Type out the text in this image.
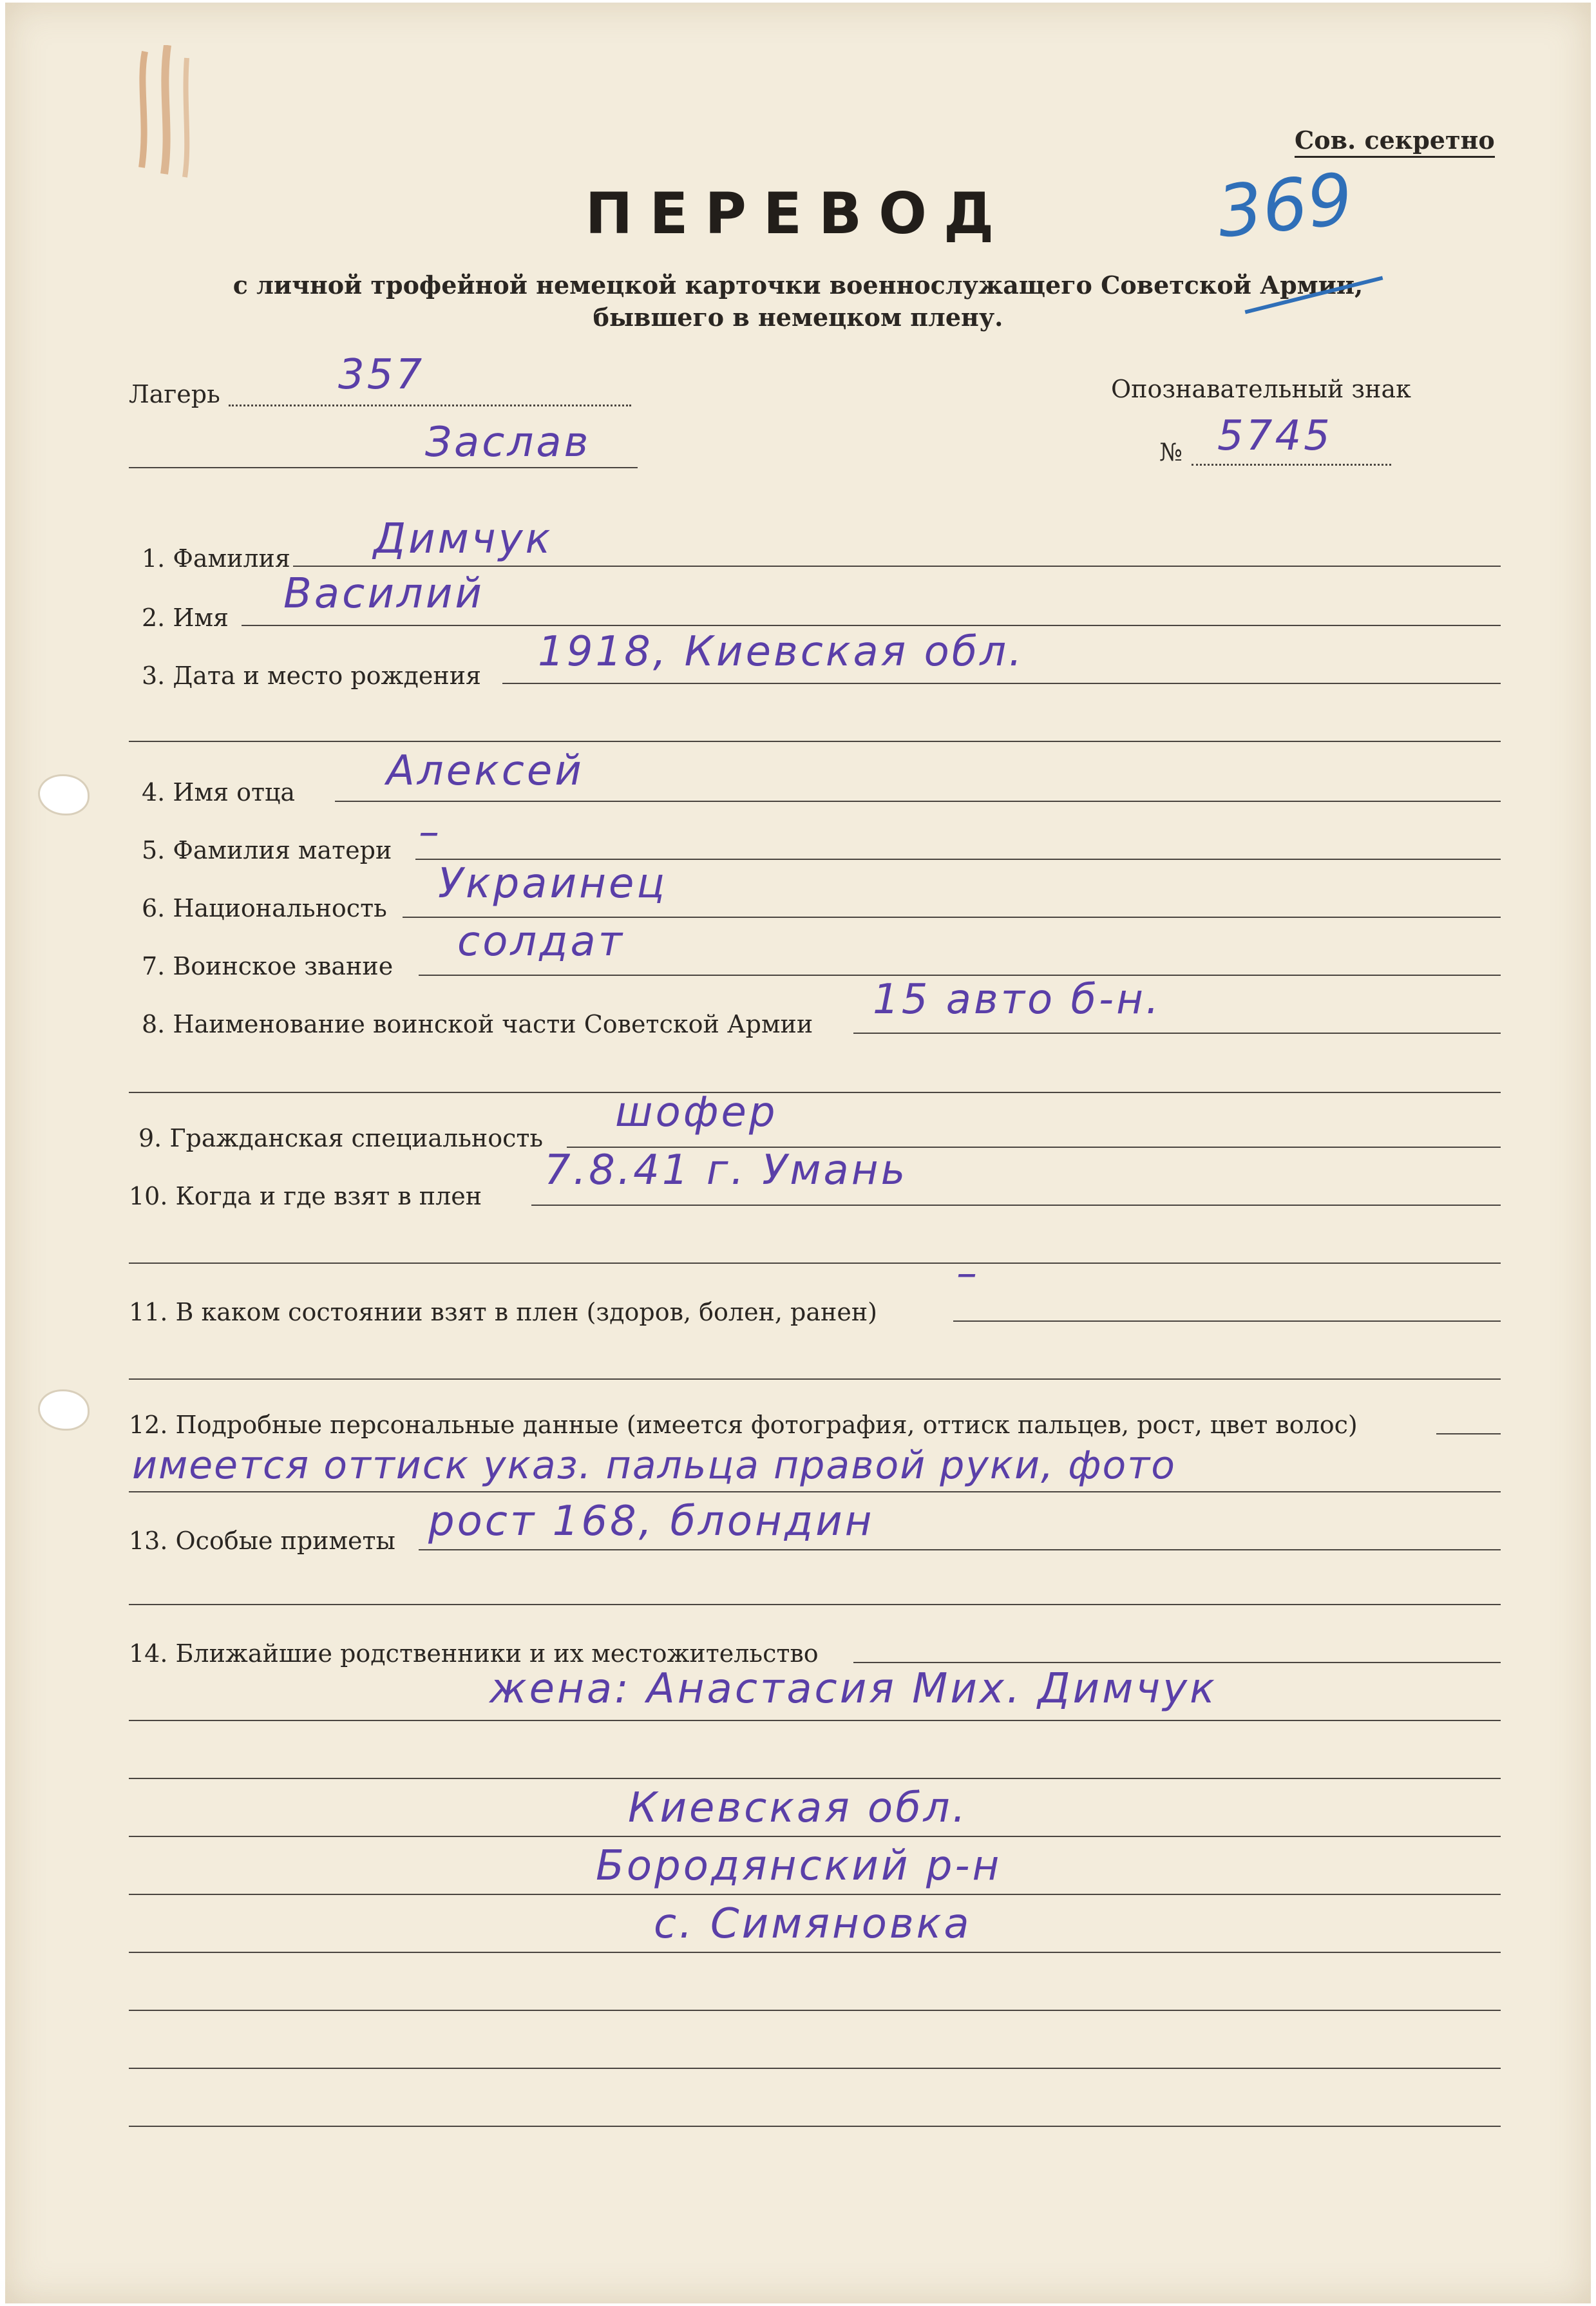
Сов. секретно
ПЕРЕВОД
с личной трофейной немецкой карточки военнослужащего Советской Армии,
бывшего в немецком плену.
369
Лагерь	357
Заслав
Опознавательный знак
№ 5745
1. Фамилия Димчук
2. Имя Василий
3. Дата и место рождения 1918, Киевская обл.
4. Имя отца Алексей
5. Фамилия матери –
6. Национальность
Украинец
7. Воинское звание
солдат
8. Наименование воинской части Советской Армии
15 авто б-н.
9. Гражданская специальность
шофер
10. Когда и где взят в плен
7.8.41 г. Умань
11. В каком состоянии взят в плен (здоров, болен, ранен)
–
12. Подробные персональные данные (имеется фотография, оттиск пальцев, рост, цвет волос)
имеется оттиск указ. пальца правой руки, фото
13. Особые приметы рост 168, блондин
14. Ближайшие родственники и их местожительство
жена: Анастасия Мих. Димчук
Киевская обл.
Бородянский р-н
с. Симяновка
